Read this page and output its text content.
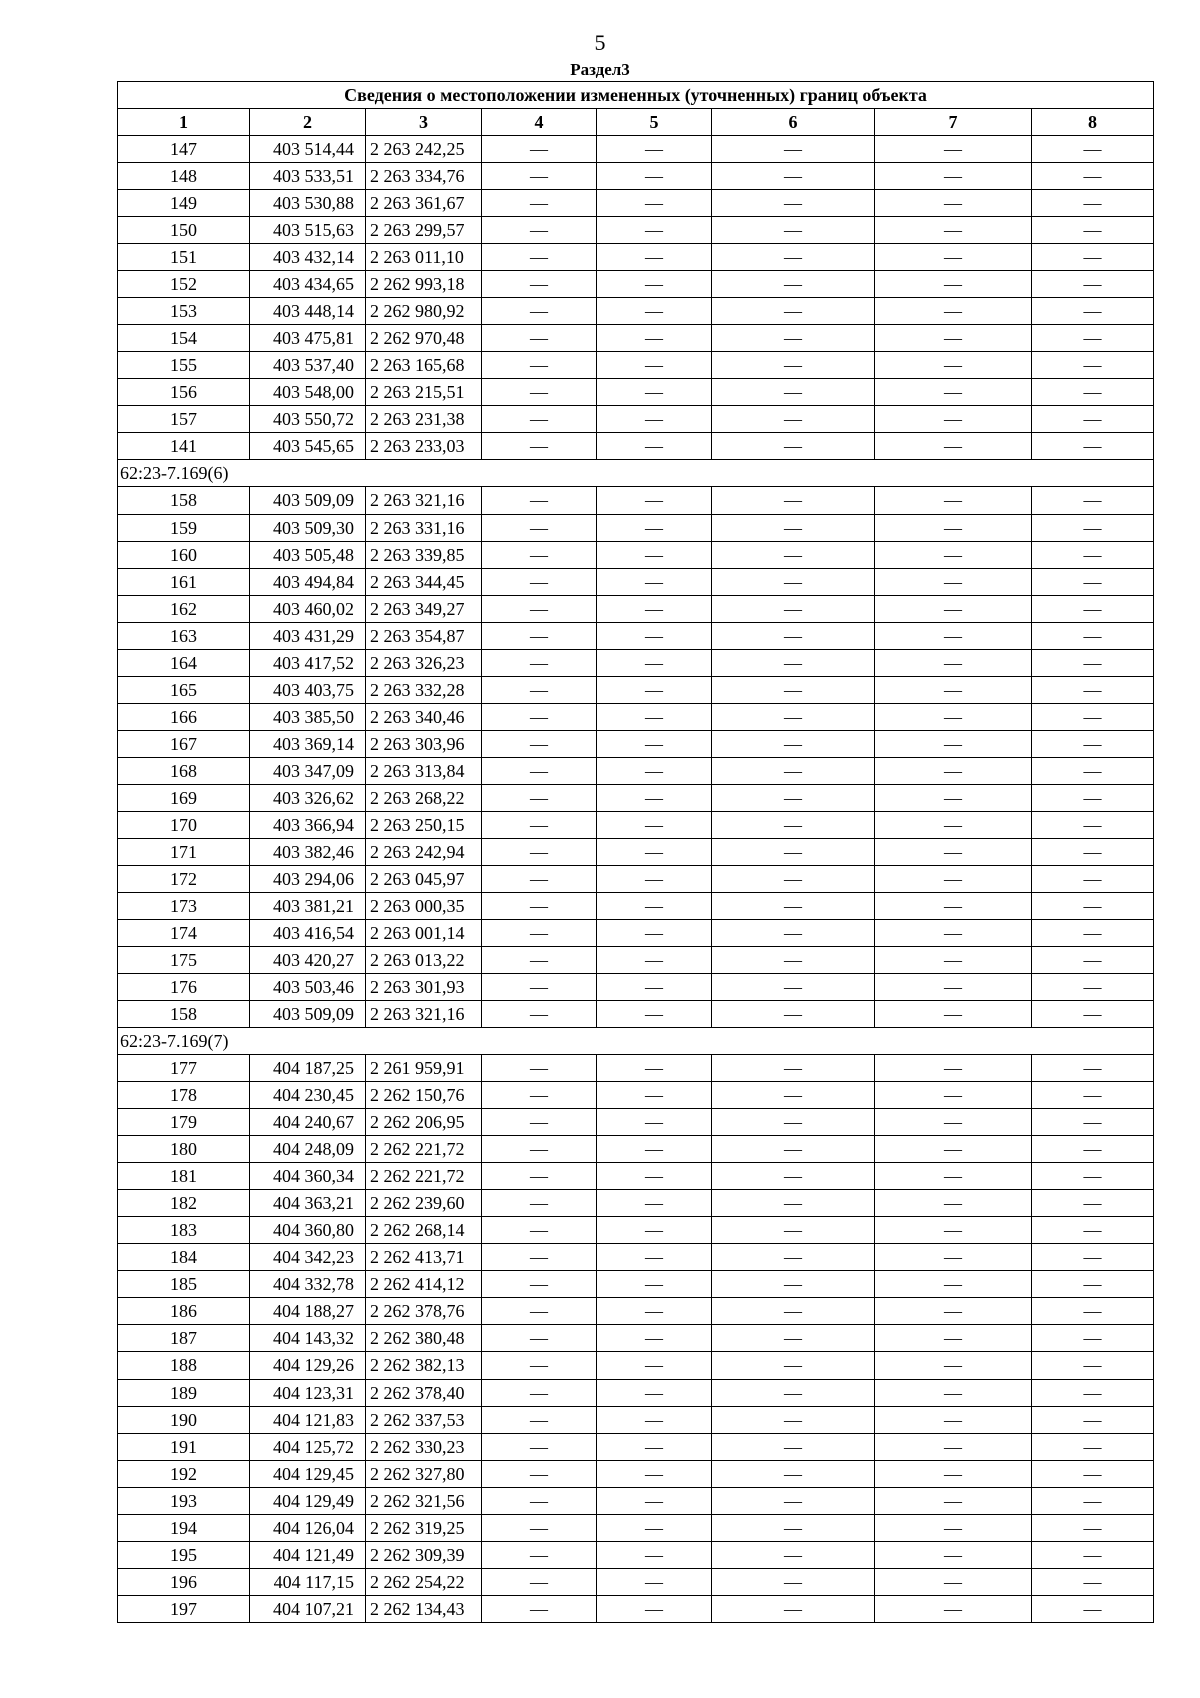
5
Раздел3
Сведения о местоположении измененных (уточненных) границ объекта							
1	2	3	4	5	6	7	8
147	403 514,44	2 263 242,25	—	—	—	—	—
148	403 533,51	2 263 334,76	—	—	—	—	—
149	403 530,88	2 263 361,67	—	—	—	—	—
150	403 515,63	2 263 299,57	—	—	—	—	—
151	403 432,14	2 263 011,10	—	—	—	—	—
152	403 434,65	2 262 993,18	—	—	—	—	—
153	403 448,14	2 262 980,92	—	—	—	—	—
154	403 475,81	2 262 970,48	—	—	—	—	—
155	403 537,40	2 263 165,68	—	—	—	—	—
156	403 548,00	2 263 215,51	—	—	—	—	—
157	403 550,72	2 263 231,38	—	—	—	—	—
141	403 545,65	2 263 233,03	—	—	—	—	—
62:23-7.169(6)							
158	403 509,09	2 263 321,16	—	—	—	—	—
159	403 509,30	2 263 331,16	—	—	—	—	—
160	403 505,48	2 263 339,85	—	—	—	—	—
161	403 494,84	2 263 344,45	—	—	—	—	—
162	403 460,02	2 263 349,27	—	—	—	—	—
163	403 431,29	2 263 354,87	—	—	—	—	—
164	403 417,52	2 263 326,23	—	—	—	—	—
165	403 403,75	2 263 332,28	—	—	—	—	—
166	403 385,50	2 263 340,46	—	—	—	—	—
167	403 369,14	2 263 303,96	—	—	—	—	—
168	403 347,09	2 263 313,84	—	—	—	—	—
169	403 326,62	2 263 268,22	—	—	—	—	—
170	403 366,94	2 263 250,15	—	—	—	—	—
171	403 382,46	2 263 242,94	—	—	—	—	—
172	403 294,06	2 263 045,97	—	—	—	—	—
173	403 381,21	2 263 000,35	—	—	—	—	—
174	403 416,54	2 263 001,14	—	—	—	—	—
175	403 420,27	2 263 013,22	—	—	—	—	—
176	403 503,46	2 263 301,93	—	—	—	—	—
158	403 509,09	2 263 321,16	—	—	—	—	—
62:23-7.169(7)							
177	404 187,25	2 261 959,91	—	—	—	—	—
178	404 230,45	2 262 150,76	—	—	—	—	—
179	404 240,67	2 262 206,95	—	—	—	—	—
180	404 248,09	2 262 221,72	—	—	—	—	—
181	404 360,34	2 262 221,72	—	—	—	—	—
182	404 363,21	2 262 239,60	—	—	—	—	—
183	404 360,80	2 262 268,14	—	—	—	—	—
184	404 342,23	2 262 413,71	—	—	—	—	—
185	404 332,78	2 262 414,12	—	—	—	—	—
186	404 188,27	2 262 378,76	—	—	—	—	—
187	404 143,32	2 262 380,48	—	—	—	—	—
188	404 129,26	2 262 382,13	—	—	—	—	—
189	404 123,31	2 262 378,40	—	—	—	—	—
190	404 121,83	2 262 337,53	—	—	—	—	—
191	404 125,72	2 262 330,23	—	—	—	—	—
192	404 129,45	2 262 327,80	—	—	—	—	—
193	404 129,49	2 262 321,56	—	—	—	—	—
194	404 126,04	2 262 319,25	—	—	—	—	—
195	404 121,49	2 262 309,39	—	—	—	—	—
196	404 117,15	2 262 254,22	—	—	—	—	—
197	404 107,21	2 262 134,43	—	—	—	—	—
